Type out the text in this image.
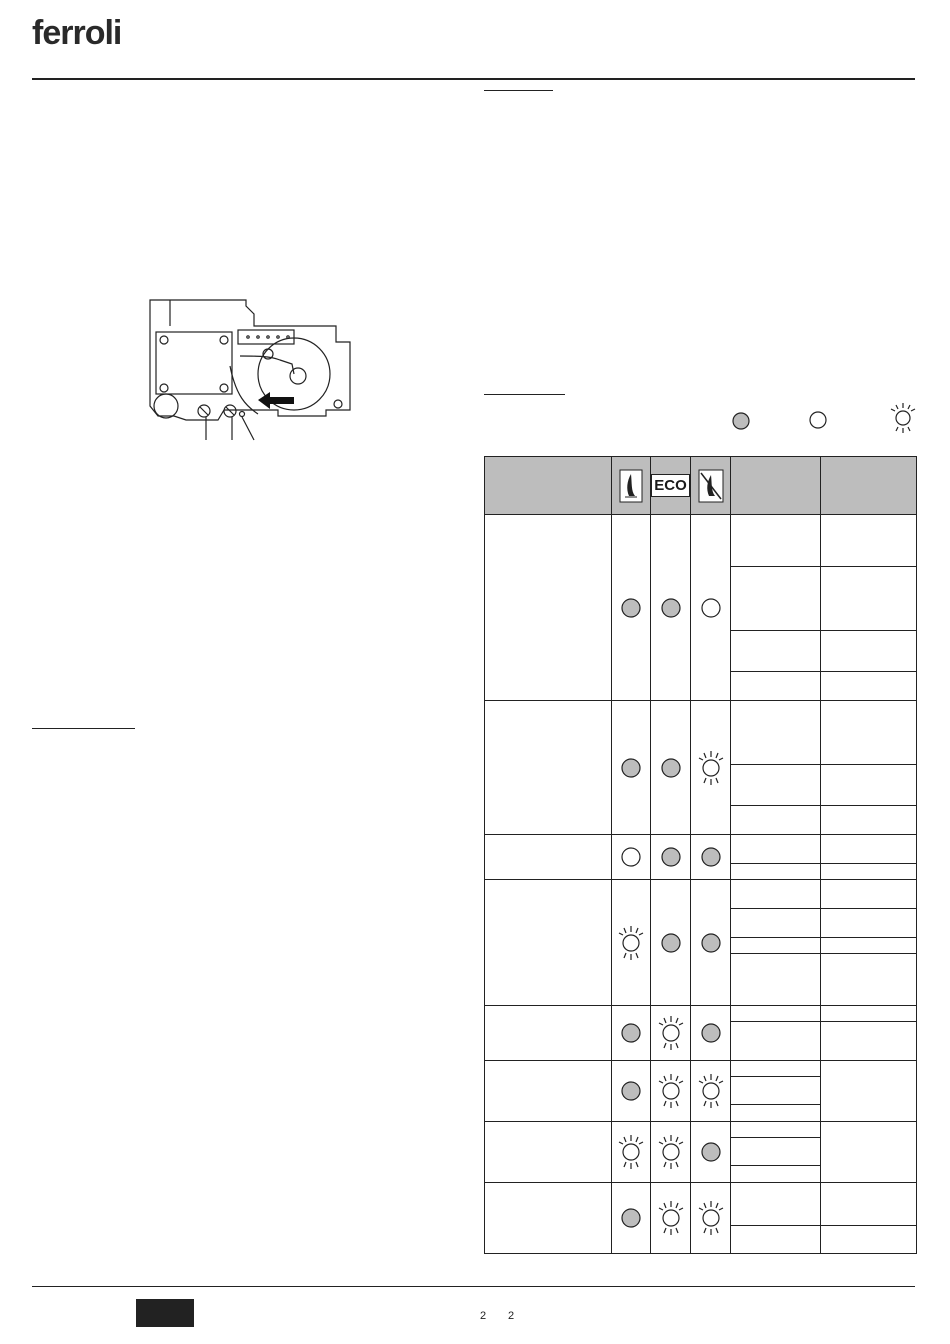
ferroli

	ECO	

2 2
